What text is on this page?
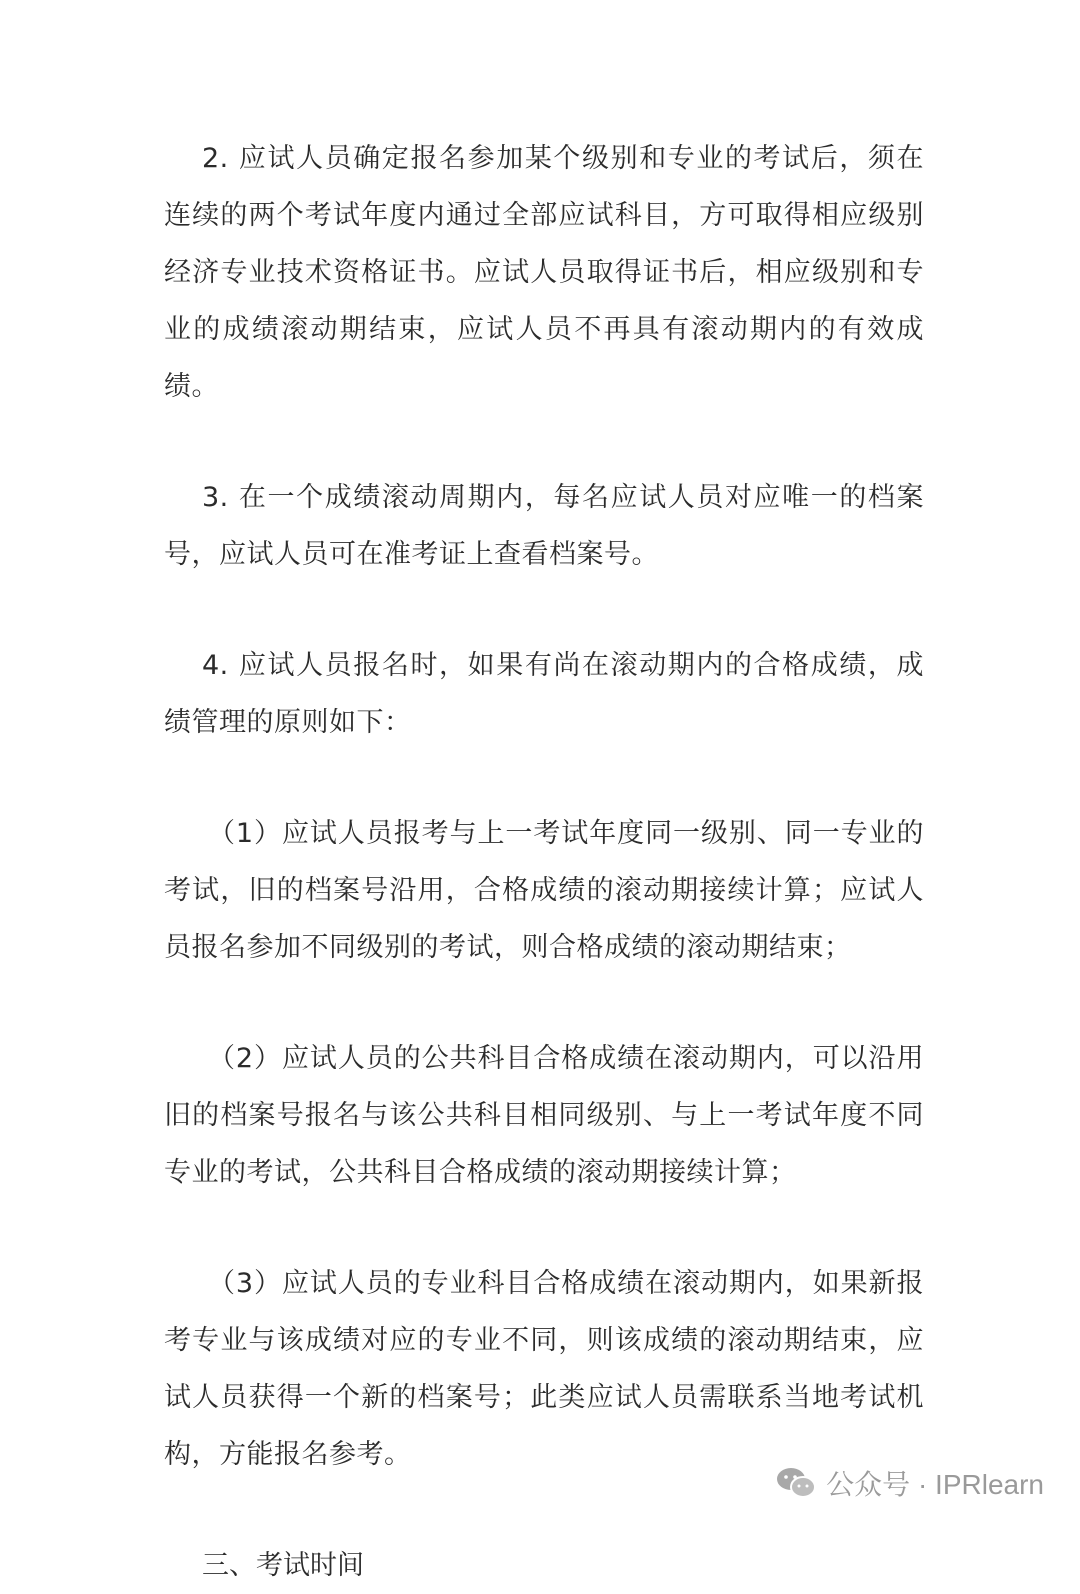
2. 应试人员确定报名参加某个级别和专业的考试后，须在连续的两个考试年度内通过全部应试科目，方可取得相应级别经济专业技术资格证书。应试人员取得证书后，相应级别和专业的成绩滚动期结束，应试人员不再具有滚动期内的有效成绩。

3. 在一个成绩滚动周期内，每名应试人员对应唯一的档案号，应试人员可在准考证上查看档案号。

4. 应试人员报名时，如果有尚在滚动期内的合格成绩，成绩管理的原则如下：

（1）应试人员报考与上一考试年度同一级别、同一专业的考试，旧的档案号沿用，合格成绩的滚动期接续计算；应试人员报名参加不同级别的考试，则合格成绩的滚动期结束；

（2）应试人员的公共科目合格成绩在滚动期内，可以沿用旧的档案号报名与该公共科目相同级别、与上一考试年度不同专业的考试，公共科目合格成绩的滚动期接续计算；

（3）应试人员的专业科目合格成绩在滚动期内，如果新报考专业与该成绩对应的专业不同，则该成绩的滚动期结束，应试人员获得一个新的档案号；此类应试人员需联系当地考试机构，方能报名参考。

三、考试时间

公众号 · IPRlearn
